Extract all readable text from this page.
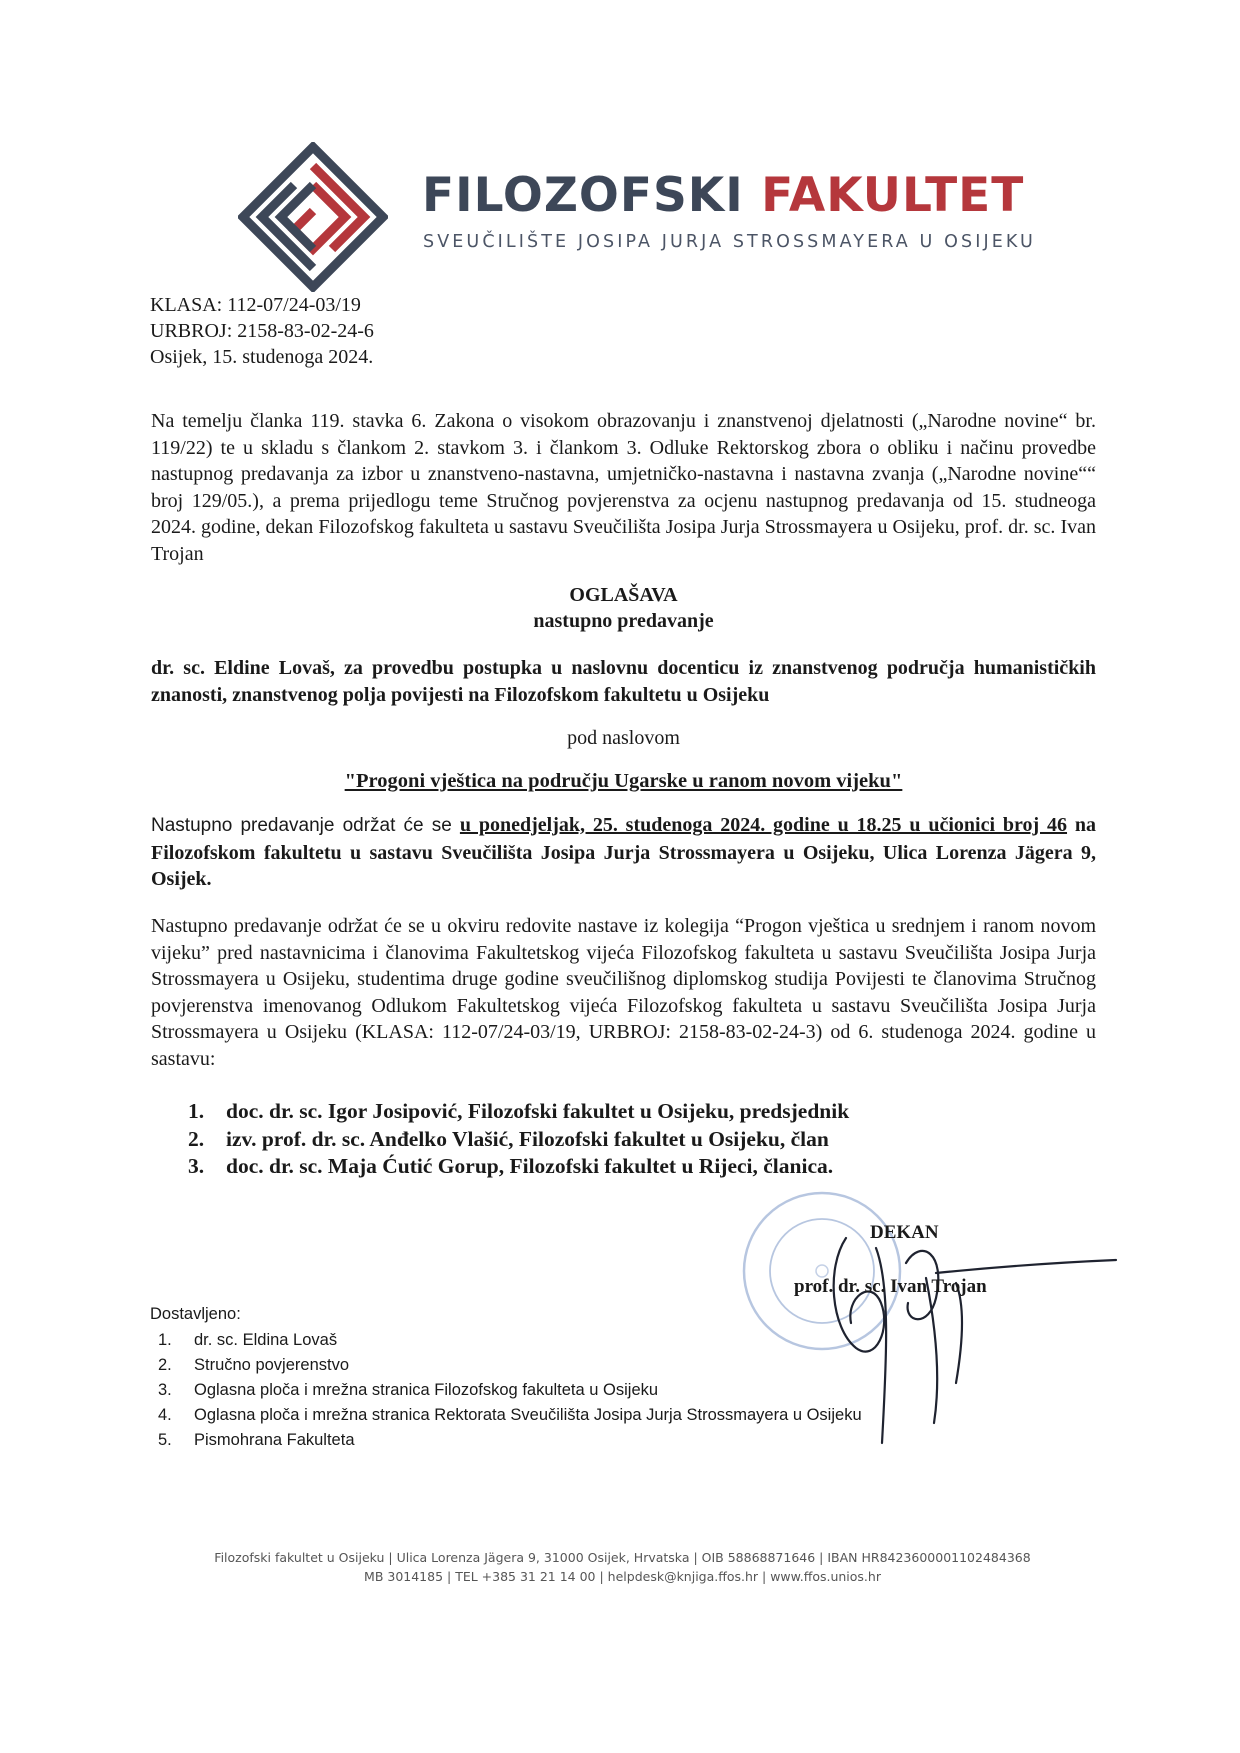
FILOZOFSKI FAKULTET
SVEUČILIŠTE JOSIPA JURJA STROSSMAYERA U OSIJEKU
KLASA: 112-07/24-03/19
URBROJ: 2158-83-02-24-6
Osijek, 15. studenoga 2024.
Na temelju članka 119. stavka 6. Zakona o visokom obrazovanju i znanstvenoj djelatnosti („Narodne novine“ br. 119/22) te u skladu s člankom 2. stavkom 3. i člankom 3. Odluke Rektorskog zbora o obliku i načinu provedbe nastupnog predavanja za izbor u znanstveno-nastavna, umjetničko-nastavna i nastavna zvanja („Narodne novine““ broj 129/05.), a prema prijedlogu teme Stručnog povjerenstva za ocjenu nastupnog predavanja od 15. studneoga 2024. godine, dekan Filozofskog fakulteta u sastavu Sveučilišta Josipa Jurja Strossmayera u Osijeku, prof. dr. sc. Ivan Trojan
OGLAŠAVA
nastupno predavanje
dr. sc. Eldine Lovaš, za provedbu postupka u naslovnu docenticu iz znanstvenog područja humanističkih znanosti, znanstvenog polja povijesti na Filozofskom fakultetu u Osijeku
pod naslovom
"Progoni vještica na području Ugarske u ranom novom vijeku"
Nastupno predavanje održat će se u ponedjeljak, 25. studenoga 2024. godine u 18.25 u učionici broj 46 na Filozofskom fakultetu u sastavu Sveučilišta Josipa Jurja Strossmayera u Osijeku, Ulica Lorenza Jägera 9, Osijek.
Nastupno predavanje održat će se u okviru redovite nastave iz kolegija “Progon vještica u srednjem i ranom novom vijeku” pred nastavnicima i članovima Fakultetskog vijeća Filozofskog fakulteta u sastavu Sveučilišta Josipa Jurja Strossmayera u Osijeku, studentima druge godine sveučilišnog diplomskog studija Povijesti te članovima Stručnog povjerenstva imenovanog Odlukom Fakultetskog vijeća Filozofskog fakulteta u sastavu Sveučilišta Josipa Jurja Strossmayera u Osijeku (KLASA: 112-07/24-03/19, URBROJ: 2158-83-02-24-3) od 6. studenoga 2024. godine u sastavu:
1.	doc. dr. sc. Igor Josipović, Filozofski fakultet u Osijeku, predsjednik
2.	izv. prof. dr. sc. Anđelko Vlašić, Filozofski fakultet u Osijeku, član
3.	doc. dr. sc. Maja Ćutić Gorup, Filozofski fakultet u Rijeci, članica.
DEKAN
prof. dr. sc. Ivan Trojan
Dostavljeno:
1.	dr. sc. Eldina Lovaš
2.	Stručno povjerenstvo
3.	Oglasna ploča i mrežna stranica Filozofskog fakulteta u Osijeku
4.	Oglasna ploča i mrežna stranica Rektorata Sveučilišta Josipa Jurja Strossmayera u Osijeku
5.	Pismohrana Fakulteta
Filozofski fakultet u Osijeku | Ulica Lorenza Jägera 9, 31000 Osijek, Hrvatska | OIB 58868871646 | IBAN HR8423600001102484368
MB 3014185 | TEL +385 31 21 14 00 | helpdesk@knjiga.ffos.hr | www.ffos.unios.hr
